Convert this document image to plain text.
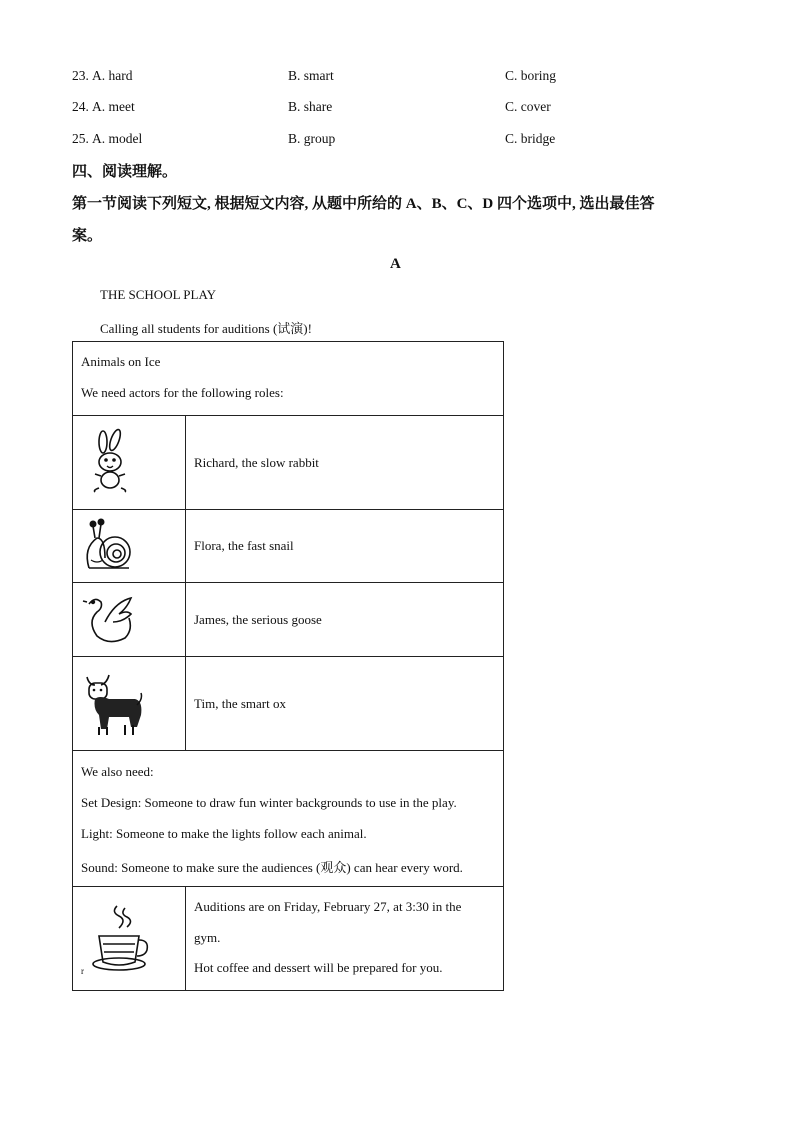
23. A. hard	B. smart	C. boring
24. A. meet	B. share	C. cover
25. A. model	B. group	C. bridge
四、阅读理解。
第一节阅读下列短文, 根据短文内容, 从题中所给的 A、B、C、D 四个选项中, 选出最佳答
案。
A
THE SCHOOL PLAY
Calling all students for auditions (试演)!
Animals on Ice
We need actors for the following roles:	

	Richard, the slow rabbit

	Flora, the fast snail

	James, the serious goose

	Tim, the smart ox

We also need:
Set Design: Someone to draw fun winter backgrounds to use in the play.
Light: Someone to make the lights follow each animal.
Sound: Someone to make sure the audiences (观众) can hear every word.	

r	Auditions are on Friday, February 27, at 3:30 in the
gym.
Hot coffee and dessert will be prepared for you.
